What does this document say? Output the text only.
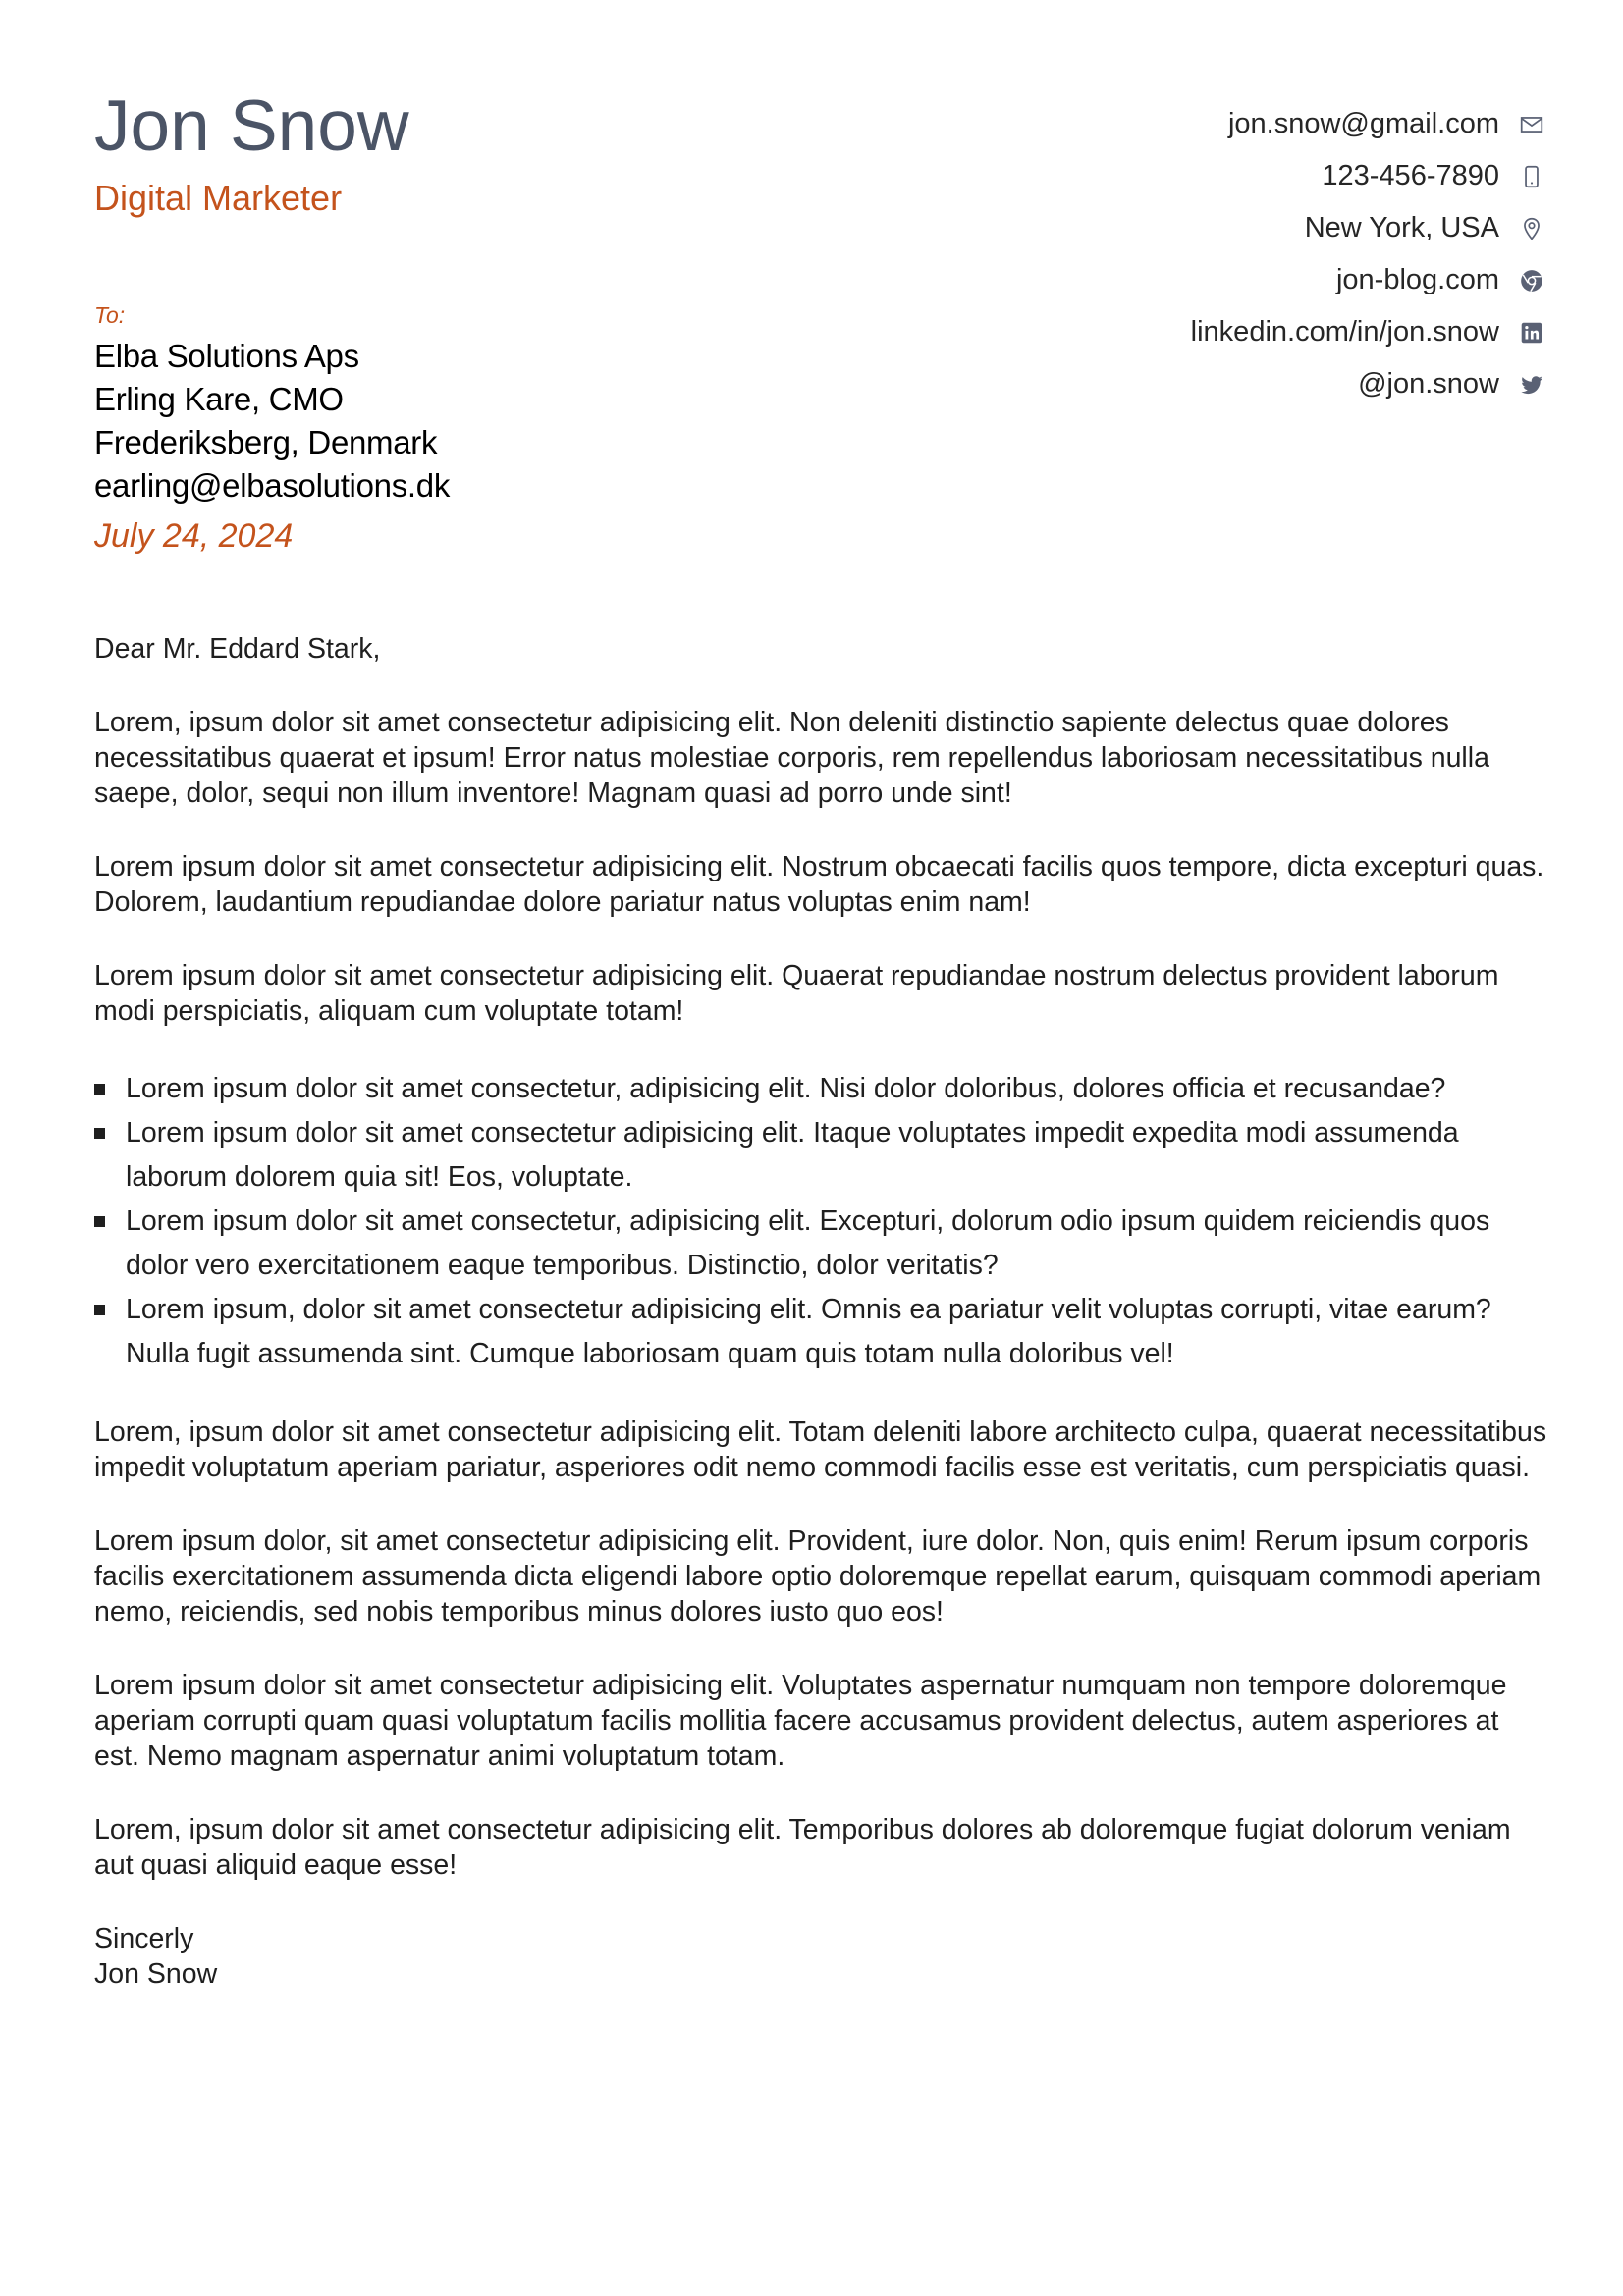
Jon Snow
Digital Marketer
jon.snow@gmail.com
123-456-7890
New York, USA
jon-blog.com
linkedin.com/in/jon.snow
@jon.snow
To:
Elba Solutions Aps
Erling Kare, CMO
Frederiksberg, Denmark
earling@elbasolutions.dk
July 24, 2024

Dear Mr. Eddard Stark,

Lorem, ipsum dolor sit amet consectetur adipisicing elit. Non deleniti distinctio sapiente delectus quae dolores necessitatibus quaerat et ipsum! Error natus molestiae corporis, rem repellendus laboriosam necessitatibus nulla saepe, dolor, sequi non illum inventore! Magnam quasi ad porro unde sint!

Lorem ipsum dolor sit amet consectetur adipisicing elit. Nostrum obcaecati facilis quos tempore, dicta excepturi quas. Dolorem, laudantium repudiandae dolore pariatur natus voluptas enim nam!

Lorem ipsum dolor sit amet consectetur adipisicing elit. Quaerat repudiandae nostrum delectus provident laborum modi perspiciatis, aliquam cum voluptate totam!

Lorem ipsum dolor sit amet consectetur, adipisicing elit. Nisi dolor doloribus, dolores officia et recusandae?
Lorem ipsum dolor sit amet consectetur adipisicing elit. Itaque voluptates impedit expedita modi assumenda laborum dolorem quia sit! Eos, voluptate.
Lorem ipsum dolor sit amet consectetur, adipisicing elit. Excepturi, dolorum odio ipsum quidem reiciendis quos dolor vero exercitationem eaque temporibus. Distinctio, dolor veritatis?
Lorem ipsum, dolor sit amet consectetur adipisicing elit. Omnis ea pariatur velit voluptas corrupti, vitae earum? Nulla fugit assumenda sint. Cumque laboriosam quam quis totam nulla doloribus vel!

Lorem, ipsum dolor sit amet consectetur adipisicing elit. Totam deleniti labore architecto culpa, quaerat necessitatibus impedit voluptatum aperiam pariatur, asperiores odit nemo commodi facilis esse est veritatis, cum perspiciatis quasi.

Lorem ipsum dolor, sit amet consectetur adipisicing elit. Provident, iure dolor. Non, quis enim! Rerum ipsum corporis facilis exercitationem assumenda dicta eligendi labore optio doloremque repellat earum, quisquam commodi aperiam nemo, reiciendis, sed nobis temporibus minus dolores iusto quo eos!

Lorem ipsum dolor sit amet consectetur adipisicing elit. Voluptates aspernatur numquam non tempore doloremque aperiam corrupti quam quasi voluptatum facilis mollitia facere accusamus provident delectus, autem asperiores at est. Nemo magnam aspernatur animi voluptatum totam.

Lorem, ipsum dolor sit amet consectetur adipisicing elit. Temporibus dolores ab doloremque fugiat dolorum veniam aut quasi aliquid eaque esse!

Sincerly
Jon Snow
